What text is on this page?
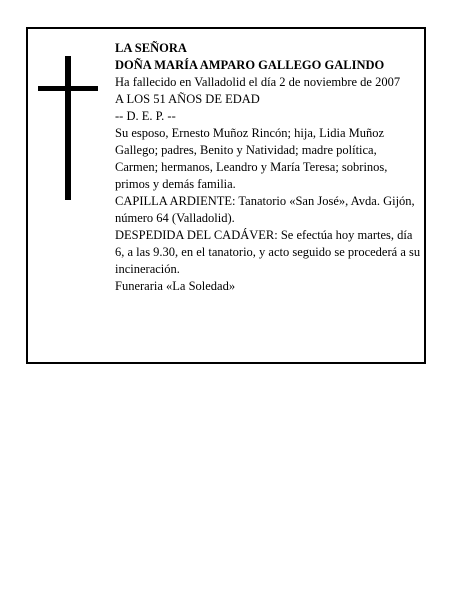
LA SEÑORA

DOÑA MARÍA AMPARO GALLEGO GALINDO

Ha fallecido en Valladolid el día 2 de noviembre de 2007

A LOS 51 AÑOS DE EDAD

-- D. E. P. --

Su esposo, Ernesto Muñoz Rincón; hija, Lidia Muñoz Gallego; padres, Benito y Natividad; madre política, Carmen; hermanos, Leandro y María Teresa; sobrinos, primos y demás familia.

CAPILLA ARDIENTE: Tanatorio «San José», Avda. Gijón, número 64 (Valladolid).

DESPEDIDA DEL CADÁVER: Se efectúa hoy martes, día 6, a las 9.30, en el tanatorio, y acto seguido se procederá a su incineración.

Funeraria «La Soledad»
